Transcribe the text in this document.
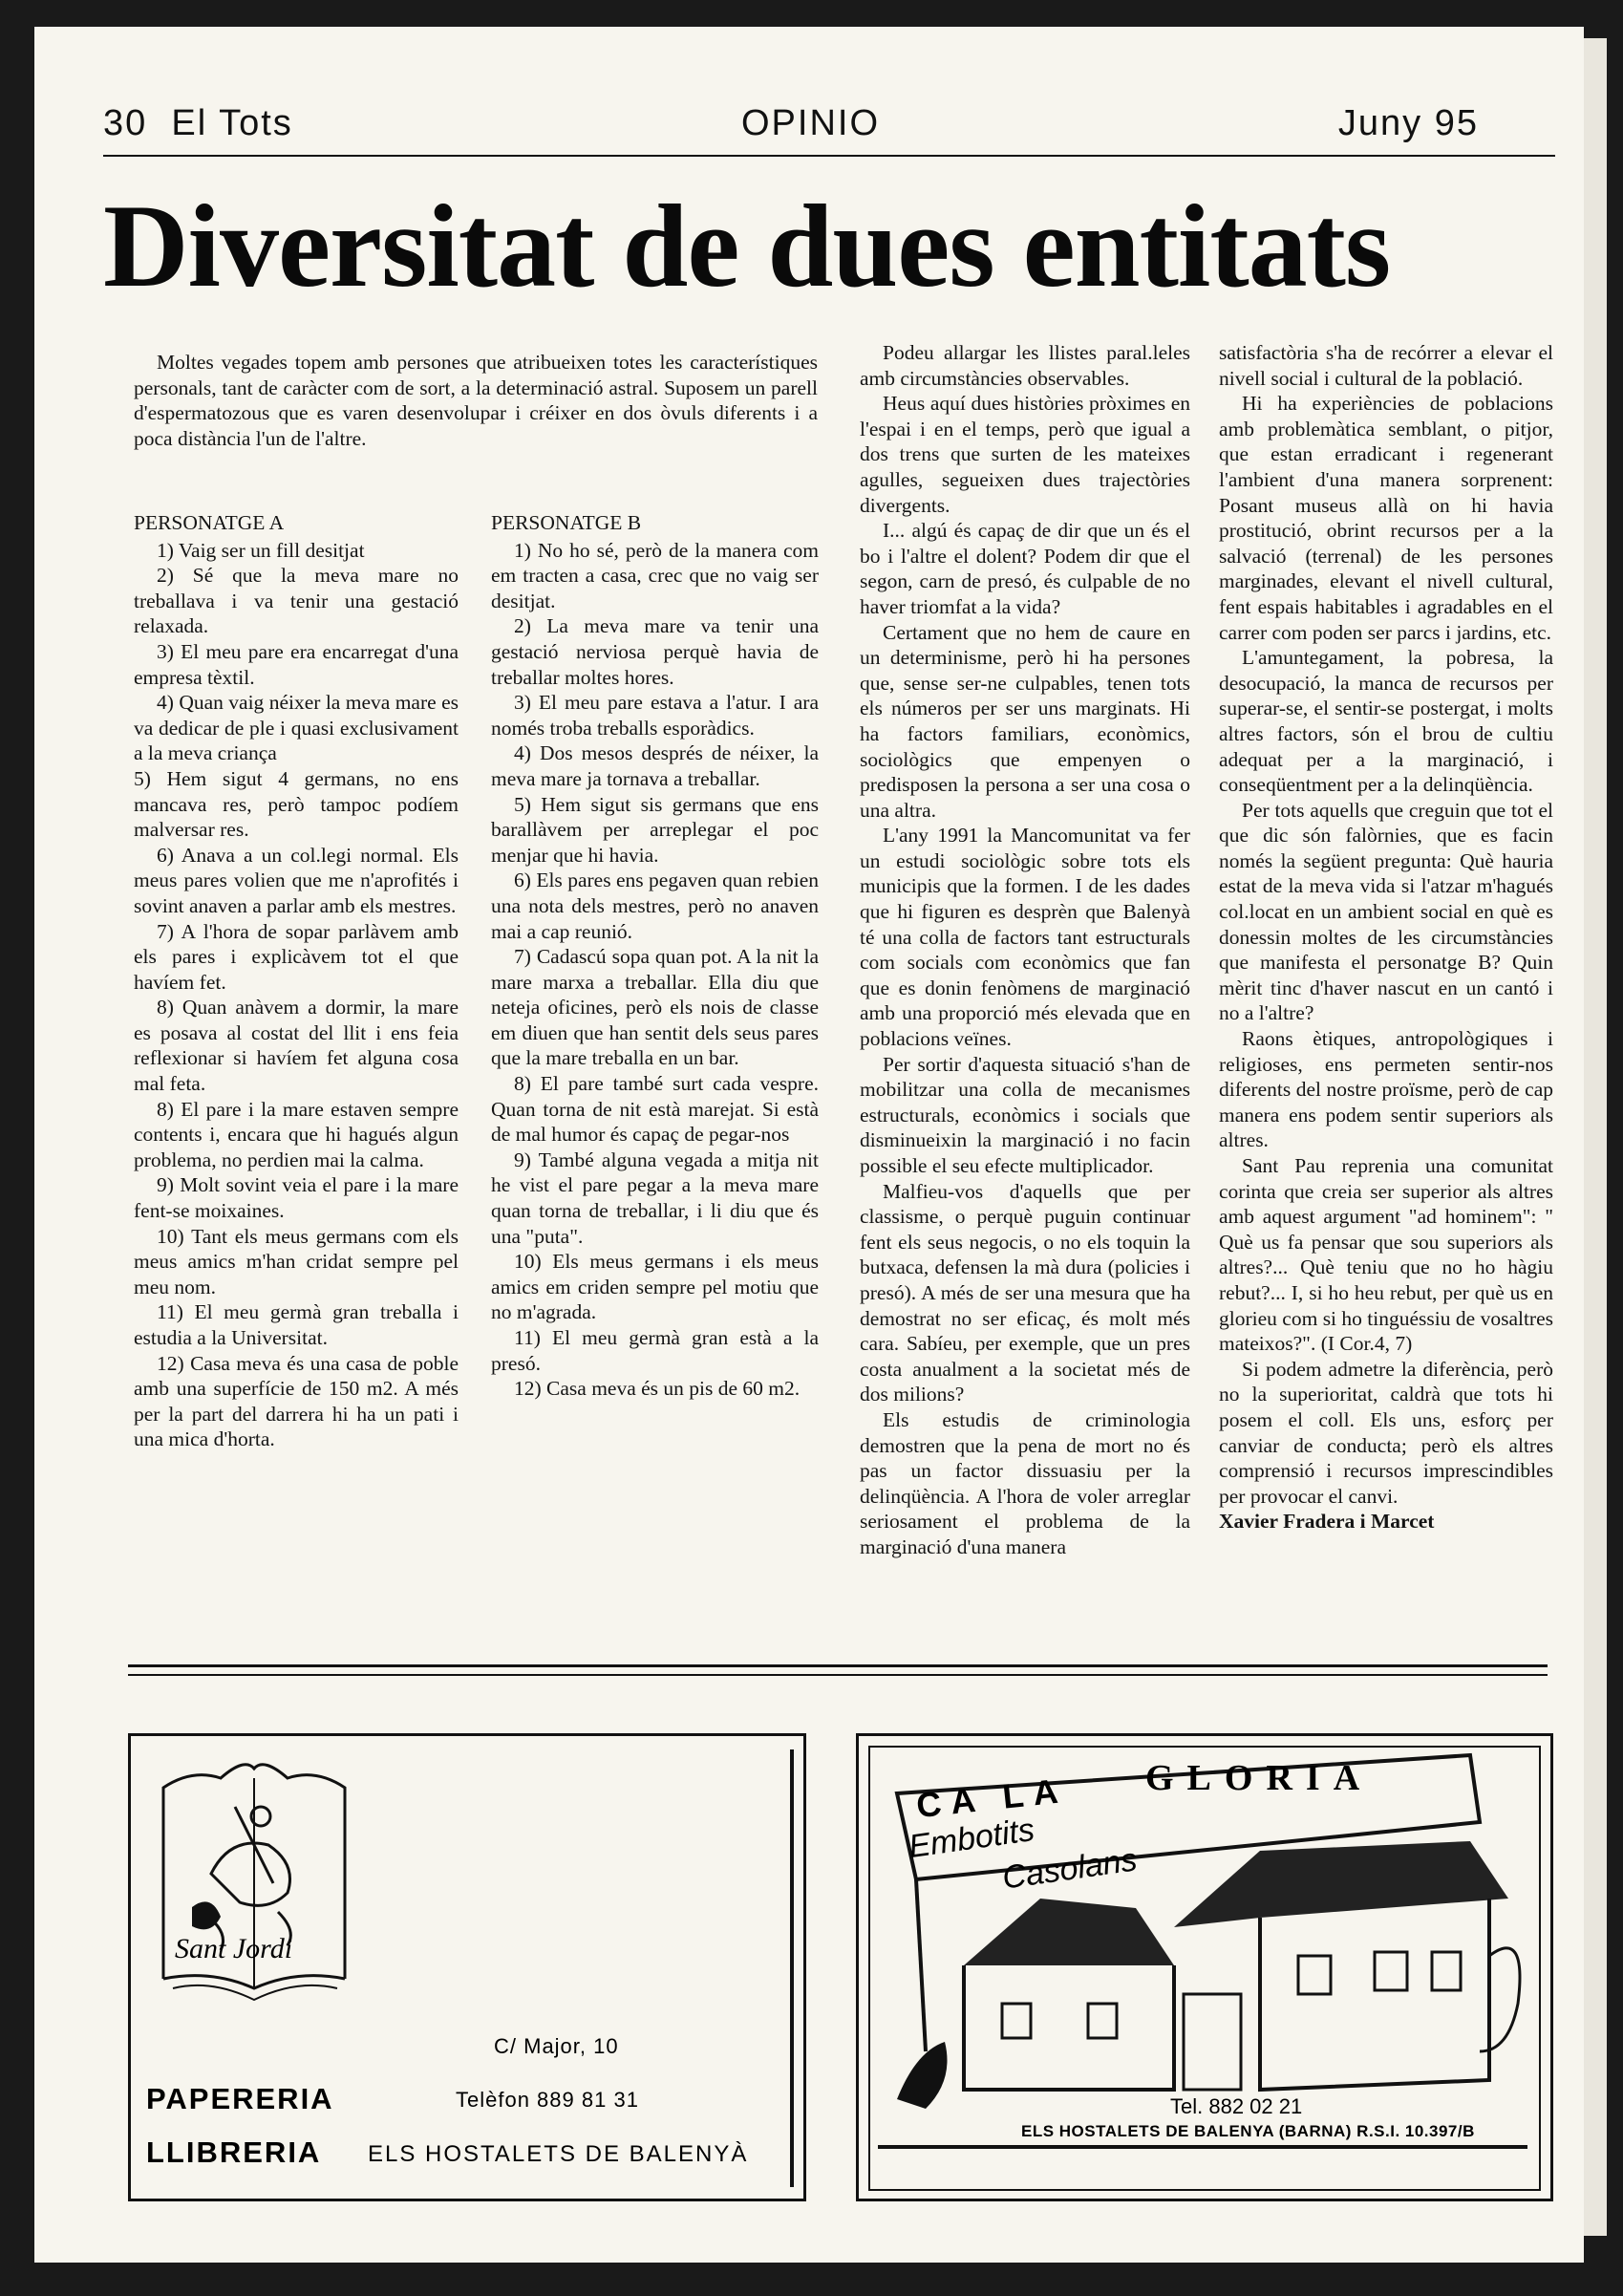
30 El Tots	OPINIO	Juny 95
Diversitat de dues entitats

Moltes vegades topem amb persones que atribueixen totes les característiques personals, tant de caràcter com de sort, a la determinació astral. Suposem un parell d'espermatozous que es varen desenvolupar i créixer en dos òvuls diferents i a poca distància l'un de l'altre.

PERSONATGE A

1) Vaig ser un fill desitjat

2) Sé que la meva mare no treballava i va tenir una gestació relaxada.

3) El meu pare era encarregat d'una empresa tèxtil.

4) Quan vaig néixer la meva mare es va dedicar de ple i quasi exclusivament a la meva criança

5) Hem sigut 4 germans, no ens mancava res, però tampoc podíem malversar res.

6) Anava a un col.legi normal. Els meus pares volien que me n'aprofités i sovint anaven a parlar amb els mestres.

7) A l'hora de sopar parlàvem amb els pares i explicàvem tot el que havíem fet.

8) Quan anàvem a dormir, la mare es posava al costat del llit i ens feia reflexionar si havíem fet alguna cosa mal feta.

8) El pare i la mare estaven sempre contents i, encara que hi hagués algun problema, no perdien mai la calma.

9) Molt sovint veia el pare i la mare fent-se moixaines.

10) Tant els meus germans com els meus amics m'han cridat sempre pel meu nom.

11) El meu germà gran treballa i estudia a la Universitat.

12) Casa meva és una casa de poble amb una superfície de 150 m2. A més per la part del darrera hi ha un pati i una mica d'horta.

PERSONATGE B

1) No ho sé, però de la manera com em tracten a casa, crec que no vaig ser desitjat.

2) La meva mare va tenir una gestació nerviosa perquè havia de treballar moltes hores.

3) El meu pare estava a l'atur. I ara només troba treballs esporàdics.

4) Dos mesos després de néixer, la meva mare ja tornava a treballar.

5) Hem sigut sis germans que ens barallàvem per arreplegar el poc menjar que hi havia.

6) Els pares ens pegaven quan rebien una nota dels mestres, però no anaven mai a cap reunió.

7) Cadascú sopa quan pot. A la nit la mare marxa a treballar. Ella diu que neteja oficines, però els nois de classe em diuen que han sentit dels seus pares que la mare treballa en un bar.

8) El pare també surt cada vespre. Quan torna de nit està marejat. Si està de mal humor és capaç de pegar-nos

9) També alguna vegada a mitja nit he vist el pare pegar a la meva mare quan torna de treballar, i li diu que és una "puta".

10) Els meus germans i els meus amics em criden sempre pel motiu que no m'agrada.

11) El meu germà gran està a la presó.

12) Casa meva és un pis de 60 m2.

Podeu allargar les llistes paral.leles amb circumstàncies observables.

Heus aquí dues històries pròximes en l'espai i en el temps, però que igual a dos trens que surten de les mateixes agulles, segueixen dues trajectòries divergents.

I... algú és capaç de dir que un és el bo i l'altre el dolent? Podem dir que el segon, carn de presó, és culpable de no haver triomfat a la vida?

Certament que no hem de caure en un determinisme, però hi ha persones que, sense ser-ne culpables, tenen tots els números per ser uns marginats. Hi ha factors familiars, econòmics, sociològics que empenyen o predisposen la persona a ser una cosa o una altra.

L'any 1991 la Mancomunitat va fer un estudi sociològic sobre tots els municipis que la formen. I de les dades que hi figuren es desprèn que Balenyà té una colla de factors tant estructurals com socials com econòmics que fan que es donin fenòmens de marginació amb una proporció més elevada que en poblacions veïnes.

Per sortir d'aquesta situació s'han de mobilitzar una colla de mecanismes estructurals, econòmics i socials que disminueixin la marginació i no facin possible el seu efecte multiplicador.

Malfieu-vos d'aquells que per classisme, o perquè puguin continuar fent els seus negocis, o no els toquin la butxaca, defensen la mà dura (policies i presó). A més de ser una mesura que ha demostrat no ser eficaç, és molt més cara. Sabíeu, per exemple, que un pres costa anualment a la societat més de dos milions?

Els estudis de criminologia demostren que la pena de mort no és pas un factor dissuasiu per la delinqüència. A l'hora de voler arreglar seriosament el problema de la marginació d'una manera

satisfactòria s'ha de recórrer a elevar el nivell social i cultural de la població.

Hi ha experiències de poblacions amb problemàtica semblant, o pitjor, que estan erradicant i regenerant l'ambient d'una manera sorprenent: Posant museus allà on hi havia prostitució, obrint recursos per a la salvació (terrenal) de les persones marginades, elevant el nivell cultural, fent espais habitables i agradables en el carrer com poden ser parcs i jardins, etc.

L'amuntegament, la pobresa, la desocupació, la manca de recursos per superar-se, el sentir-se postergat, i molts altres factors, són el brou de cultiu adequat per a la marginació, i conseqüentment per a la delinqüència.

Per tots aquells que creguin que tot el que dic són falòrnies, que es facin només la següent pregunta: Què hauria estat de la meva vida si l'atzar m'hagués col.locat en un ambient social en què es donessin moltes de les circumstàncies que manifesta el personatge B? Quin mèrit tinc d'haver nascut en un cantó i no a l'altre?

Raons ètiques, antropològiques i religioses, ens permeten sentir-nos diferents del nostre proïsme, però de cap manera ens podem sentir superiors als altres.

Sant Pau reprenia una comunitat corinta que creia ser superior als altres amb aquest argument "ad hominem": " Què us fa pensar que sou superiors als altres?... Què teniu que no ho hàgiu rebut?... I, si ho heu rebut, per què us en glorieu com si ho tinguéssiu de vosaltres mateixos?". (I Cor.4, 7)

Si podem admetre la diferència, però no la superioritat, caldrà que tots hi posem el coll. Els uns, esforç per canviar de conducta; però els altres comprensió i recursos imprescindibles per provocar el canvi.

Xavier Fradera i Marcet

Sant Jordi
C/ Major, 10
Telèfon 889 81 31
PAPERERIA
LLIBRERIA ELS HOSTALETS DE BALENYÀ
CA LA GLORIA
Embotits
Casolans
Tel. 882 02 21
ELS HOSTALETS DE BALENYA (BARNA) R.S.I. 10.397/B
